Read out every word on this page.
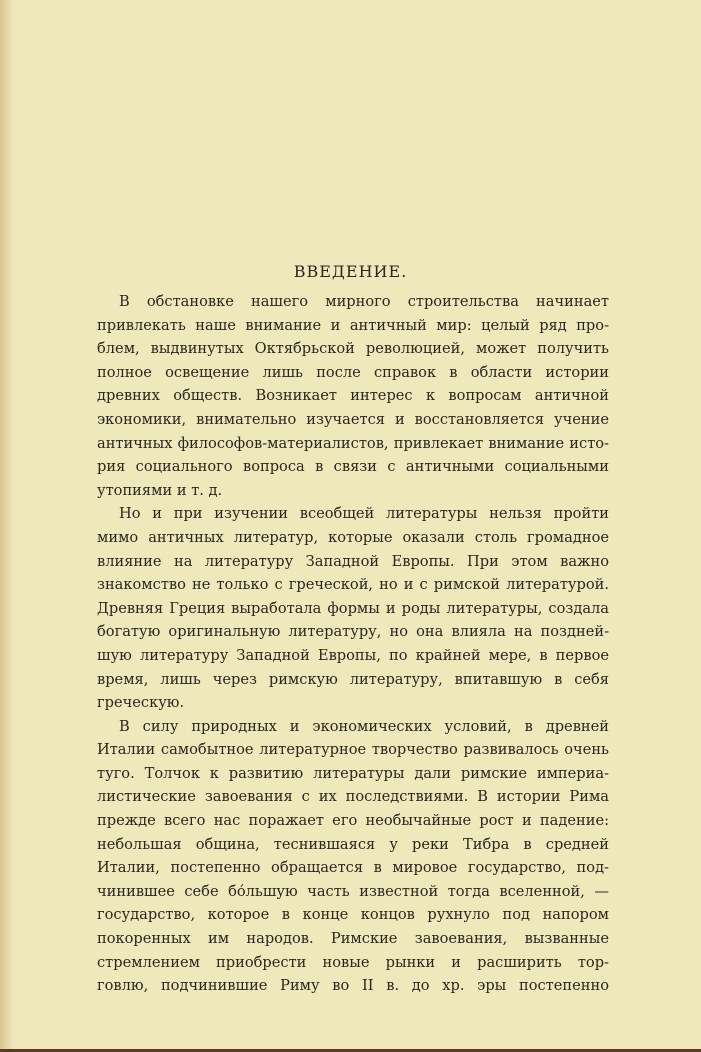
ВВЕДЕНИЕ.
В обстановке нашего мирного строительства начинает
привлекать наше внимание и античный мир: целый ряд про-
блем, выдвинутых Октябрьской революцией, может получить
полное освещение лишь после справок в области истории
древних обществ. Возникает интерес к вопросам античной
экономики, внимательно изучается и восстановляется учение
античных философов-материалистов, привлекает внимание исто-
рия социального вопроса в связи с античными социальными
утопиями и т. д.
Но и при изучении всеобщей литературы нельзя пройти
мимо античных литератур, которые оказали столь громадное
влияние на литературу Западной Европы. При этом важно
знакомство не только с греческой, но и с римской литературой.
Древняя Греция выработала формы и роды литературы, создала
богатую оригинальную литературу, но она влияла на поздней-
шую литературу Западной Европы, по крайней мере, в первое
время, лишь через римскую литературу, впитавшую в себя
греческую.
В силу природных и экономических условий, в древней
Италии самобытное литературное творчество развивалось очень
туго. Толчок к развитию литературы дали римские империа-
листические завоевания с их последствиями. В истории Рима
прежде всего нас поражает его необычайные рост и падение:
небольшая община, теснившаяся у реки Тибра в средней
Италии, постепенно обращается в мировое государство, под-
чинившее себе бо́льшую часть известной тогда вселенной, —
государство, которое в конце концов рухнуло под напором
покоренных им народов. Римские завоевания, вызванные
стремлением приобрести новые рынки и расширить тор-
говлю, подчинившие Риму во II в. до хр. эры постепенно
